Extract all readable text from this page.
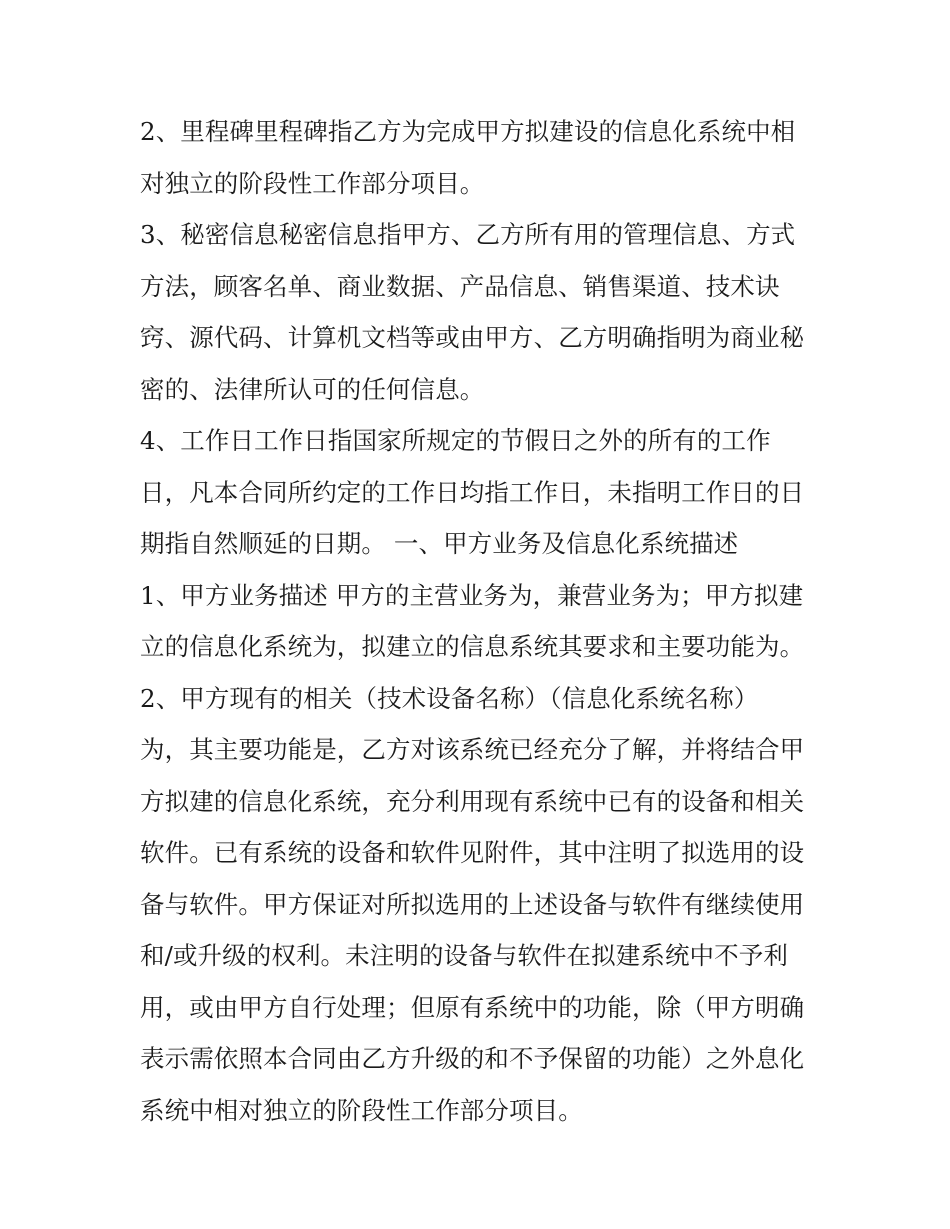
2、里程碑里程碑指乙方为完成甲方拟建设的信息化系统中相
对独立的阶段性工作部分项目。
3、秘密信息秘密信息指甲方、乙方所有用的管理信息、方式
方法，顾客名单、商业数据、产品信息、销售渠道、技术诀
窍、源代码、计算机文档等或由甲方、乙方明确指明为商业秘
密的、法律所认可的任何信息。
4、工作日工作日指国家所规定的节假日之外的所有的工作
日，凡本合同所约定的工作日均指工作日，未指明工作日的日
期指自然顺延的日期。 一、甲方业务及信息化系统描述
1、甲方业务描述 甲方的主营业务为，兼营业务为；甲方拟建
立的信息化系统为，拟建立的信息系统其要求和主要功能为。
2、甲方现有的相关（技术设备名称）（信息化系统名称）
为，其主要功能是，乙方对该系统已经充分了解，并将结合甲
方拟建的信息化系统，充分利用现有系统中已有的设备和相关
软件。已有系统的设备和软件见附件，其中注明了拟选用的设
备与软件。甲方保证对所拟选用的上述设备与软件有继续使用
和/或升级的权利。未注明的设备与软件在拟建系统中不予利
用，或由甲方自行处理；但原有系统中的功能，除（甲方明确
表示需依照本合同由乙方升级的和不予保留的功能）之外息化
系统中相对独立的阶段性工作部分项目。
